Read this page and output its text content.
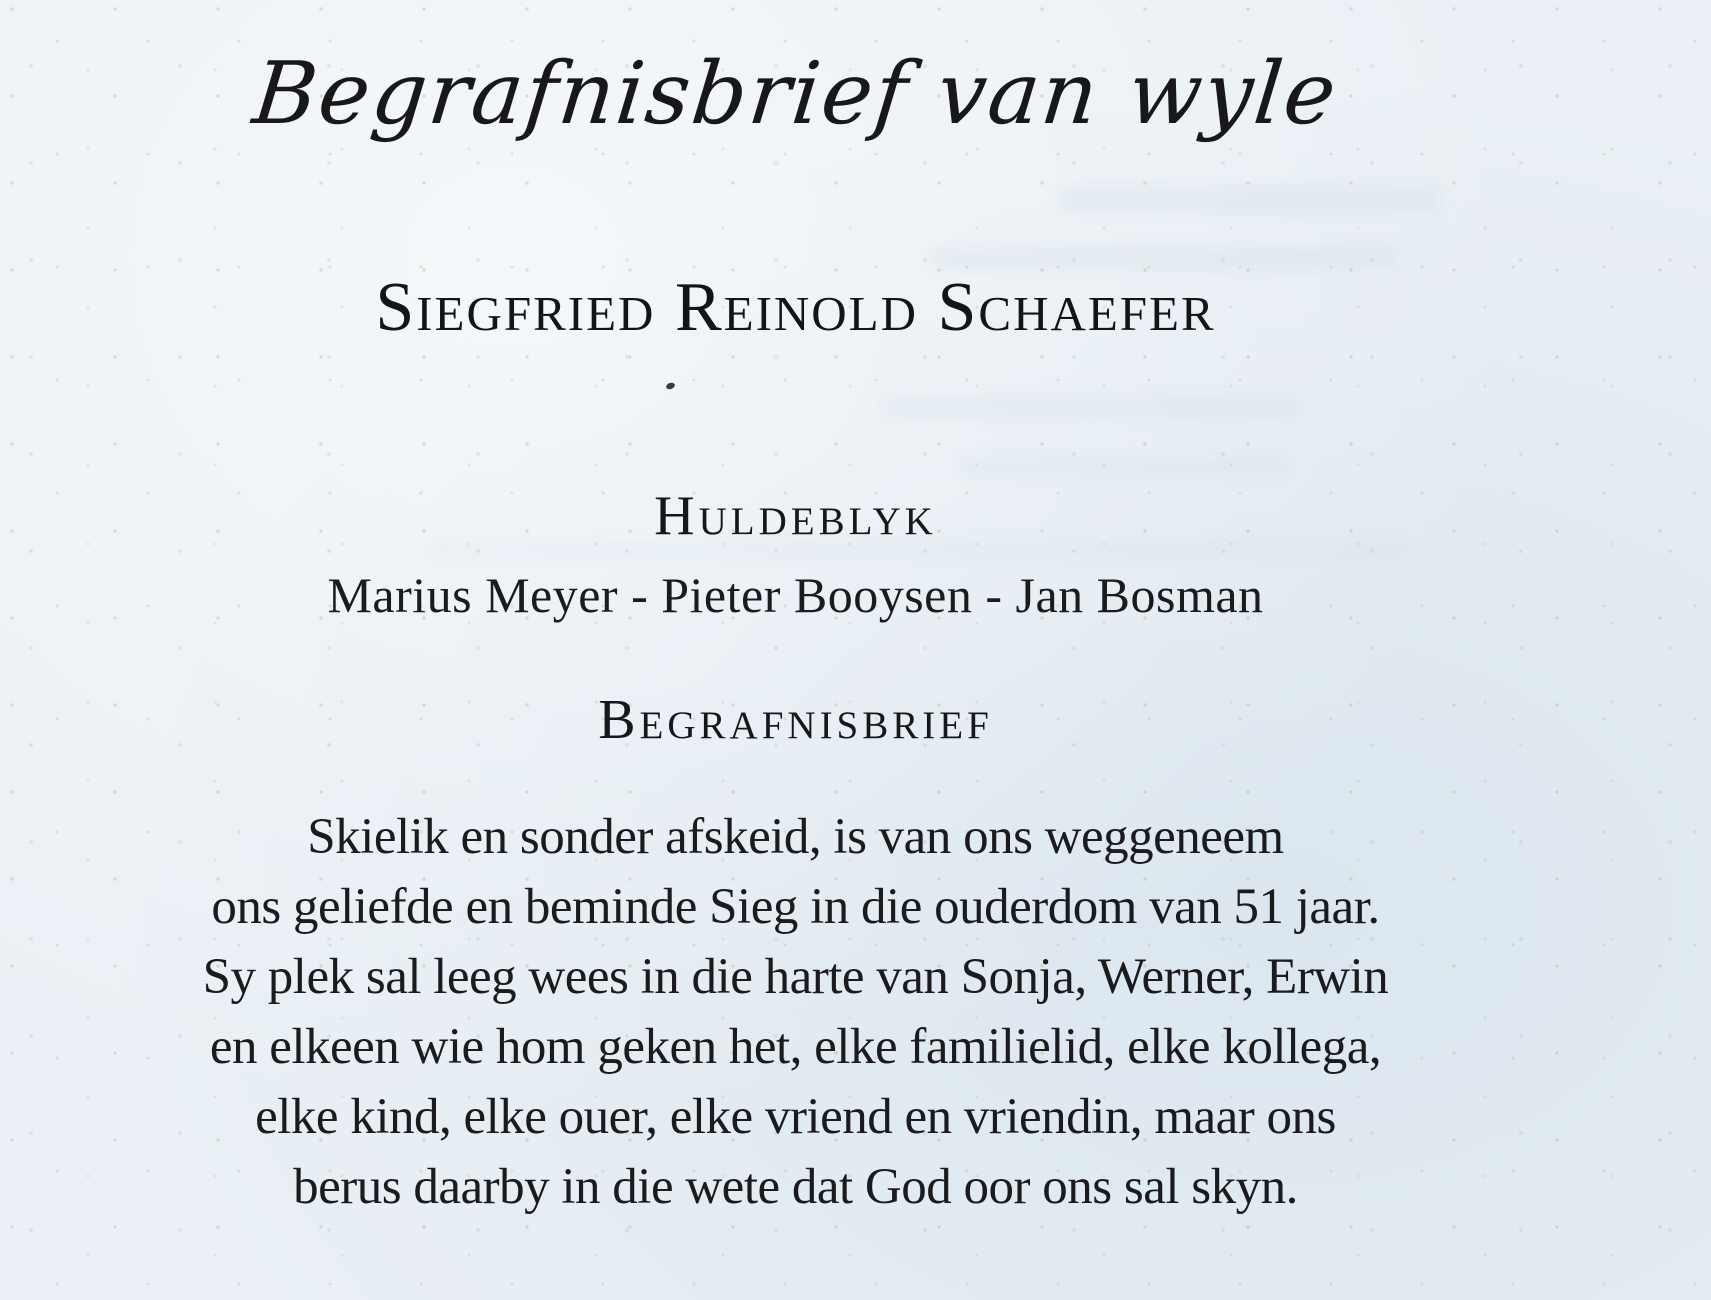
Begrafnisbrief van wyle
Siegfried Reinold Schaefer
Huldeblyk
Marius Meyer - Pieter Booysen - Jan Bosman
Begrafnisbrief
Skielik en sonder afskeid, is van ons weggeneem
ons geliefde en beminde Sieg in die ouderdom van 51 jaar.
Sy plek sal leeg wees in die harte van Sonja, Werner, Erwin
en elkeen wie hom geken het, elke familielid, elke kollega,
elke kind, elke ouer, elke vriend en vriendin, maar ons
berus daarby in die wete dat God oor ons sal skyn.
